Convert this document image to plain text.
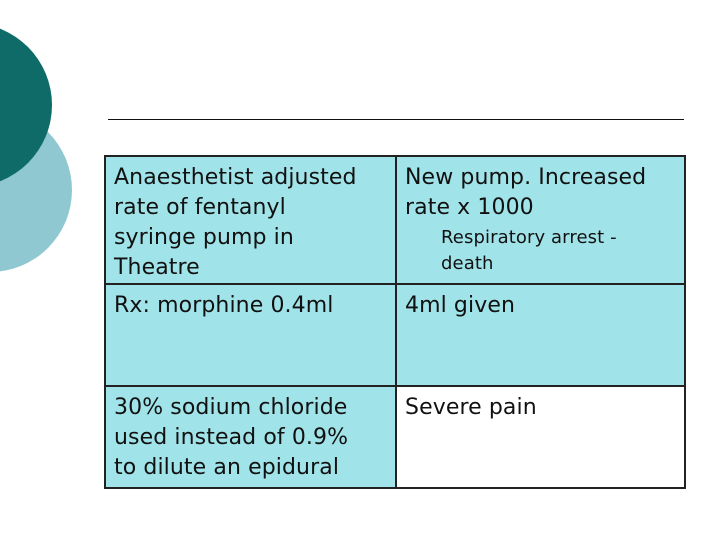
Anaesthetist adjusted
rate of fentanyl
syringe pump in
Theatre
New pump. Increased
rate x 1000
Respiratory arrest -
death
Rx: morphine 0.4ml	4ml given
30% sodium chloride
used instead of 0.9%
to dilute an epidural
Severe pain
